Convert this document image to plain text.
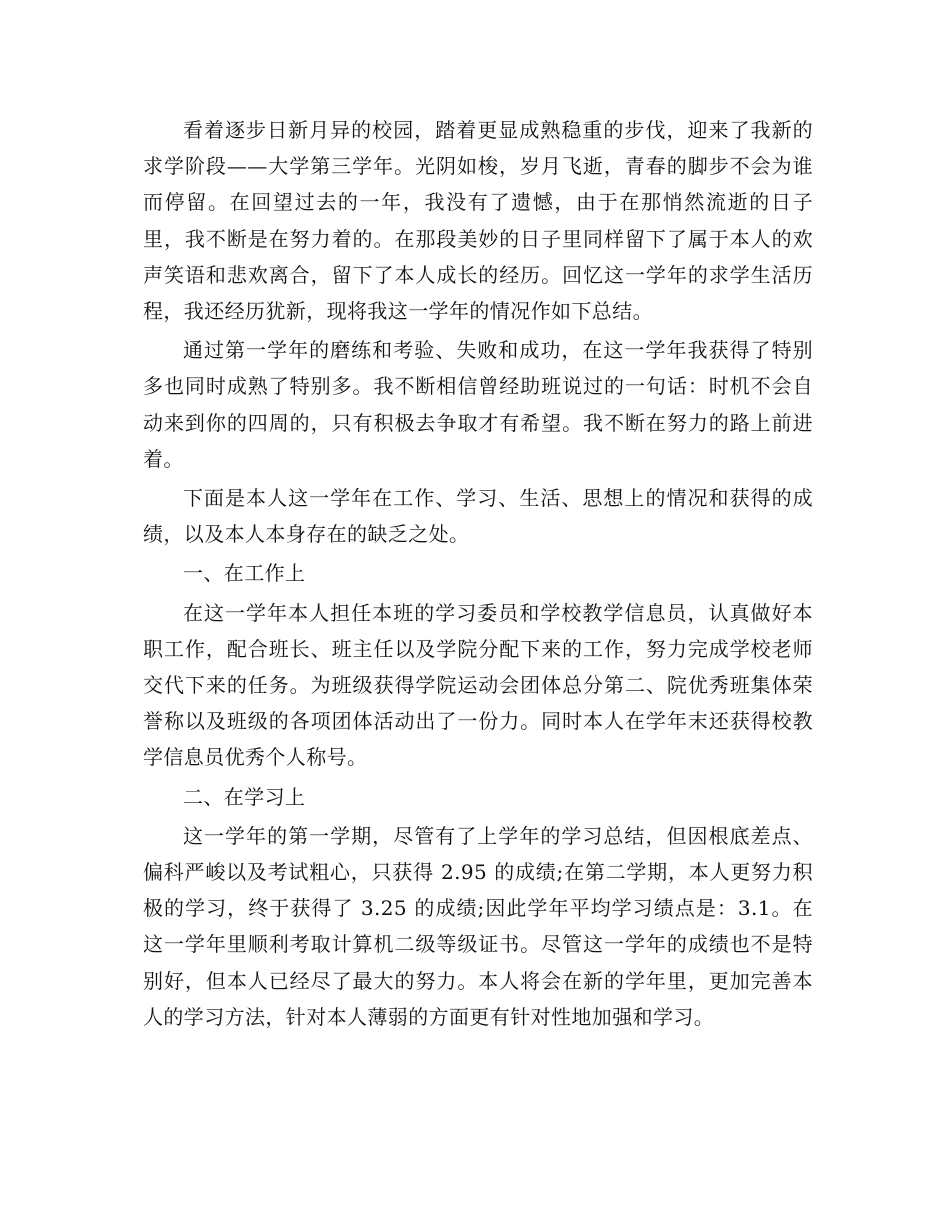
看着逐步日新月异的校园，踏着更显成熟稳重的步伐，迎来了我新的求学阶段——大学第三学年。光阴如梭，岁月飞逝，青春的脚步不会为谁而停留。在回望过去的一年，我没有了遗憾，由于在那悄然流逝的日子里，我不断是在努力着的。在那段美妙的日子里同样留下了属于本人的欢声笑语和悲欢离合，留下了本人成长的经历。回忆这一学年的求学生活历程，我还经历犹新，现将我这一学年的情况作如下总结。

通过第一学年的磨练和考验、失败和成功，在这一学年我获得了特别多也同时成熟了特别多。我不断相信曾经助班说过的一句话：时机不会自动来到你的四周的，只有积极去争取才有希望。我不断在努力的路上前进着。

下面是本人这一学年在工作、学习、生活、思想上的情况和获得的成绩，以及本人本身存在的缺乏之处。

一、在工作上

在这一学年本人担任本班的学习委员和学校教学信息员，认真做好本职工作，配合班长、班主任以及学院分配下来的工作，努力完成学校老师交代下来的任务。为班级获得学院运动会团体总分第二、院优秀班集体荣誉称以及班级的各项团体活动出了一份力。同时本人在学年末还获得校教学信息员优秀个人称号。

二、在学习上

这一学年的第一学期，尽管有了上学年的学习总结，但因根底差点、偏科严峻以及考试粗心，只获得 2.95 的成绩;在第二学期，本人更努力积极的学习，终于获得了 3.25 的成绩;因此学年平均学习绩点是：3.1。在这一学年里顺利考取计算机二级等级证书。尽管这一学年的成绩也不是特别好，但本人已经尽了最大的努力。本人将会在新的学年里，更加完善本人的学习方法，针对本人薄弱的方面更有针对性地加强和学习。
